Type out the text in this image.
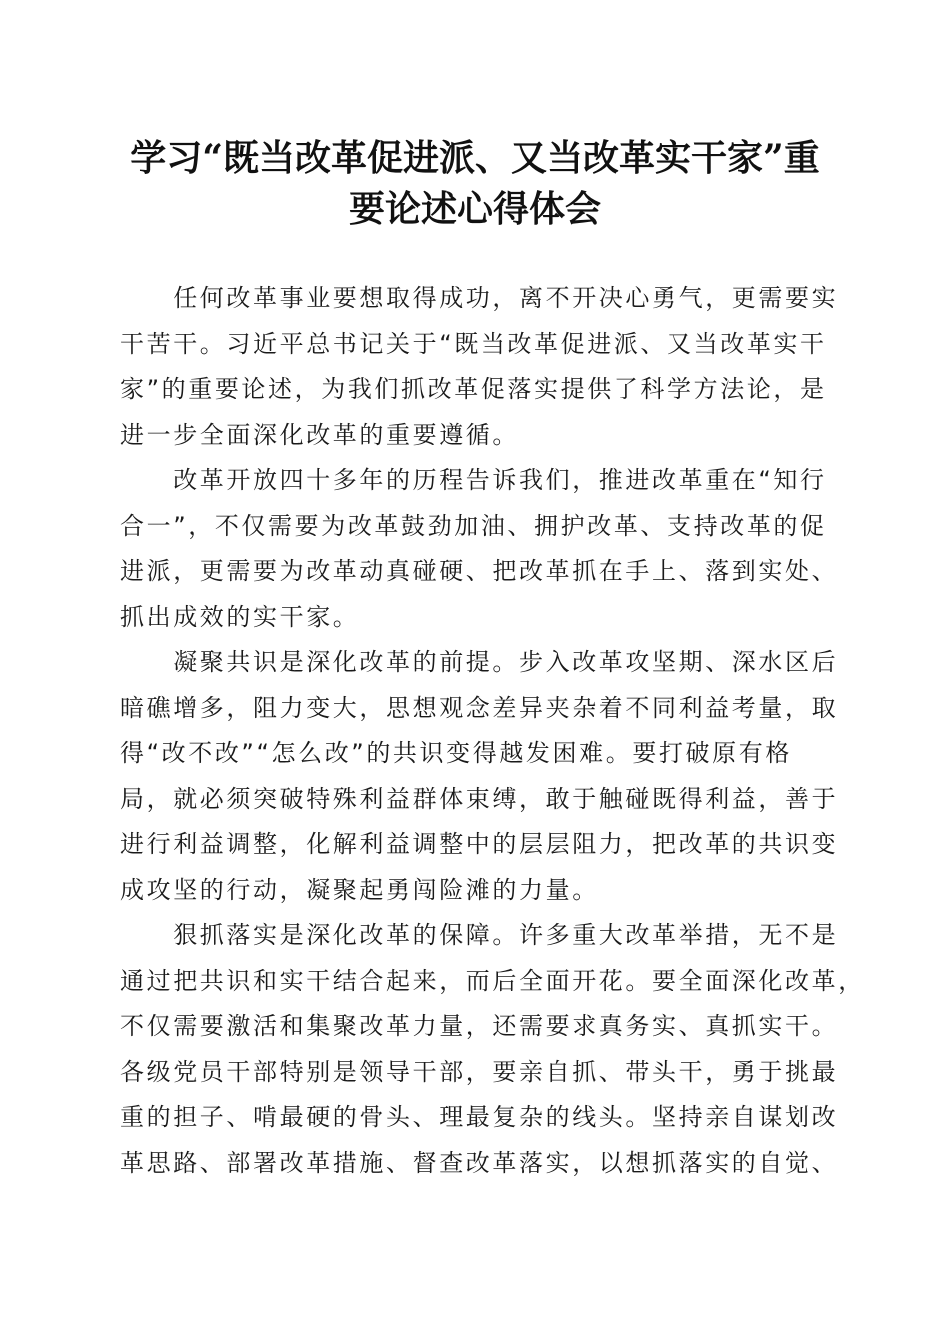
学习“既当改革促进派、又当改革实干家”重
要论述心得体会
　　任何改革事业要想取得成功，离不开决心勇气，更需要实
干苦干。习近平总书记关于“既当改革促进派、又当改革实干
家”的重要论述，为我们抓改革促落实提供了科学方法论，是
进一步全面深化改革的重要遵循。
　　改革开放四十多年的历程告诉我们，推进改革重在“知行
合一”，不仅需要为改革鼓劲加油、拥护改革、支持改革的促
进派，更需要为改革动真碰硬、把改革抓在手上、落到实处、
抓出成效的实干家。
　　凝聚共识是深化改革的前提。步入改革攻坚期、深水区后
暗礁增多，阻力变大，思想观念差异夹杂着不同利益考量，取
得“改不改”“怎么改”的共识变得越发困难。要打破原有格
局，就必须突破特殊利益群体束缚，敢于触碰既得利益，善于
进行利益调整，化解利益调整中的层层阻力，把改革的共识变
成攻坚的行动，凝聚起勇闯险滩的力量。
　　狠抓落实是深化改革的保障。许多重大改革举措，无不是
通过把共识和实干结合起来，而后全面开花。要全面深化改革，
不仅需要激活和集聚改革力量，还需要求真务实、真抓实干。
各级党员干部特别是领导干部，要亲自抓、带头干，勇于挑最
重的担子、啃最硬的骨头、理最复杂的线头。坚持亲自谋划改
革思路、部署改革措施、督查改革落实，以想抓落实的自觉、
